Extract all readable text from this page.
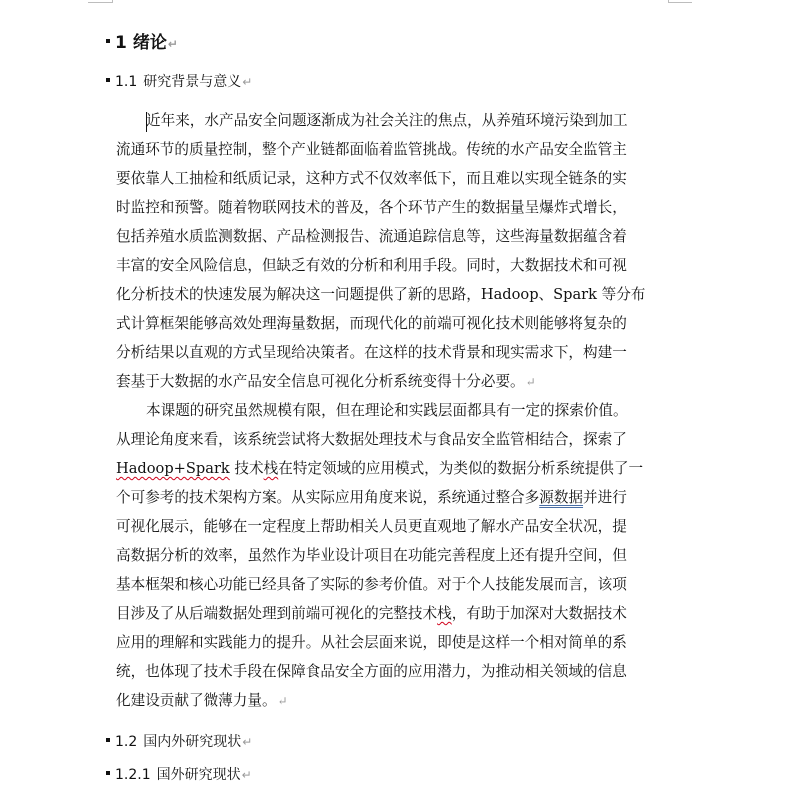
1 绪论↵
1.1 研究背景与意义↵
近年来，水产品安全问题逐渐成为社会关注的焦点，从养殖环境污染到加工
流通环节的质量控制，整个产业链都面临着监管挑战。传统的水产品安全监管主
要依靠人工抽检和纸质记录，这种方式不仅效率低下，而且难以实现全链条的实
时监控和预警。随着物联网技术的普及，各个环节产生的数据量呈爆炸式增长，
包括养殖水质监测数据、产品检测报告、流通追踪信息等，这些海量数据蕴含着
丰富的安全风险信息，但缺乏有效的分析和利用手段。同时，大数据技术和可视
化分析技术的快速发展为解决这一问题提供了新的思路，Hadoop、Spark 等分布
式计算框架能够高效处理海量数据，而现代化的前端可视化技术则能够将复杂的
分析结果以直观的方式呈现给决策者。在这样的技术背景和现实需求下，构建一
套基于大数据的水产品安全信息可视化分析系统变得十分必要。↵
本课题的研究虽然规模有限，但在理论和实践层面都具有一定的探索价值。
从理论角度来看，该系统尝试将大数据处理技术与食品安全监管相结合，探索了
Hadoop+Spark 技术栈在特定领域的应用模式，为类似的数据分析系统提供了一
个可参考的技术架构方案。从实际应用角度来说，系统通过整合多源数据并进行
可视化展示，能够在一定程度上帮助相关人员更直观地了解水产品安全状况，提
高数据分析的效率，虽然作为毕业设计项目在功能完善程度上还有提升空间，但
基本框架和核心功能已经具备了实际的参考价值。对于个人技能发展而言，该项
目涉及了从后端数据处理到前端可视化的完整技术栈，有助于加深对大数据技术
应用的理解和实践能力的提升。从社会层面来说，即使是这样一个相对简单的系
统，也体现了技术手段在保障食品安全方面的应用潜力，为推动相关领域的信息
化建设贡献了微薄力量。↵
1.2 国内外研究现状↵
1.2.1 国外研究现状↵
